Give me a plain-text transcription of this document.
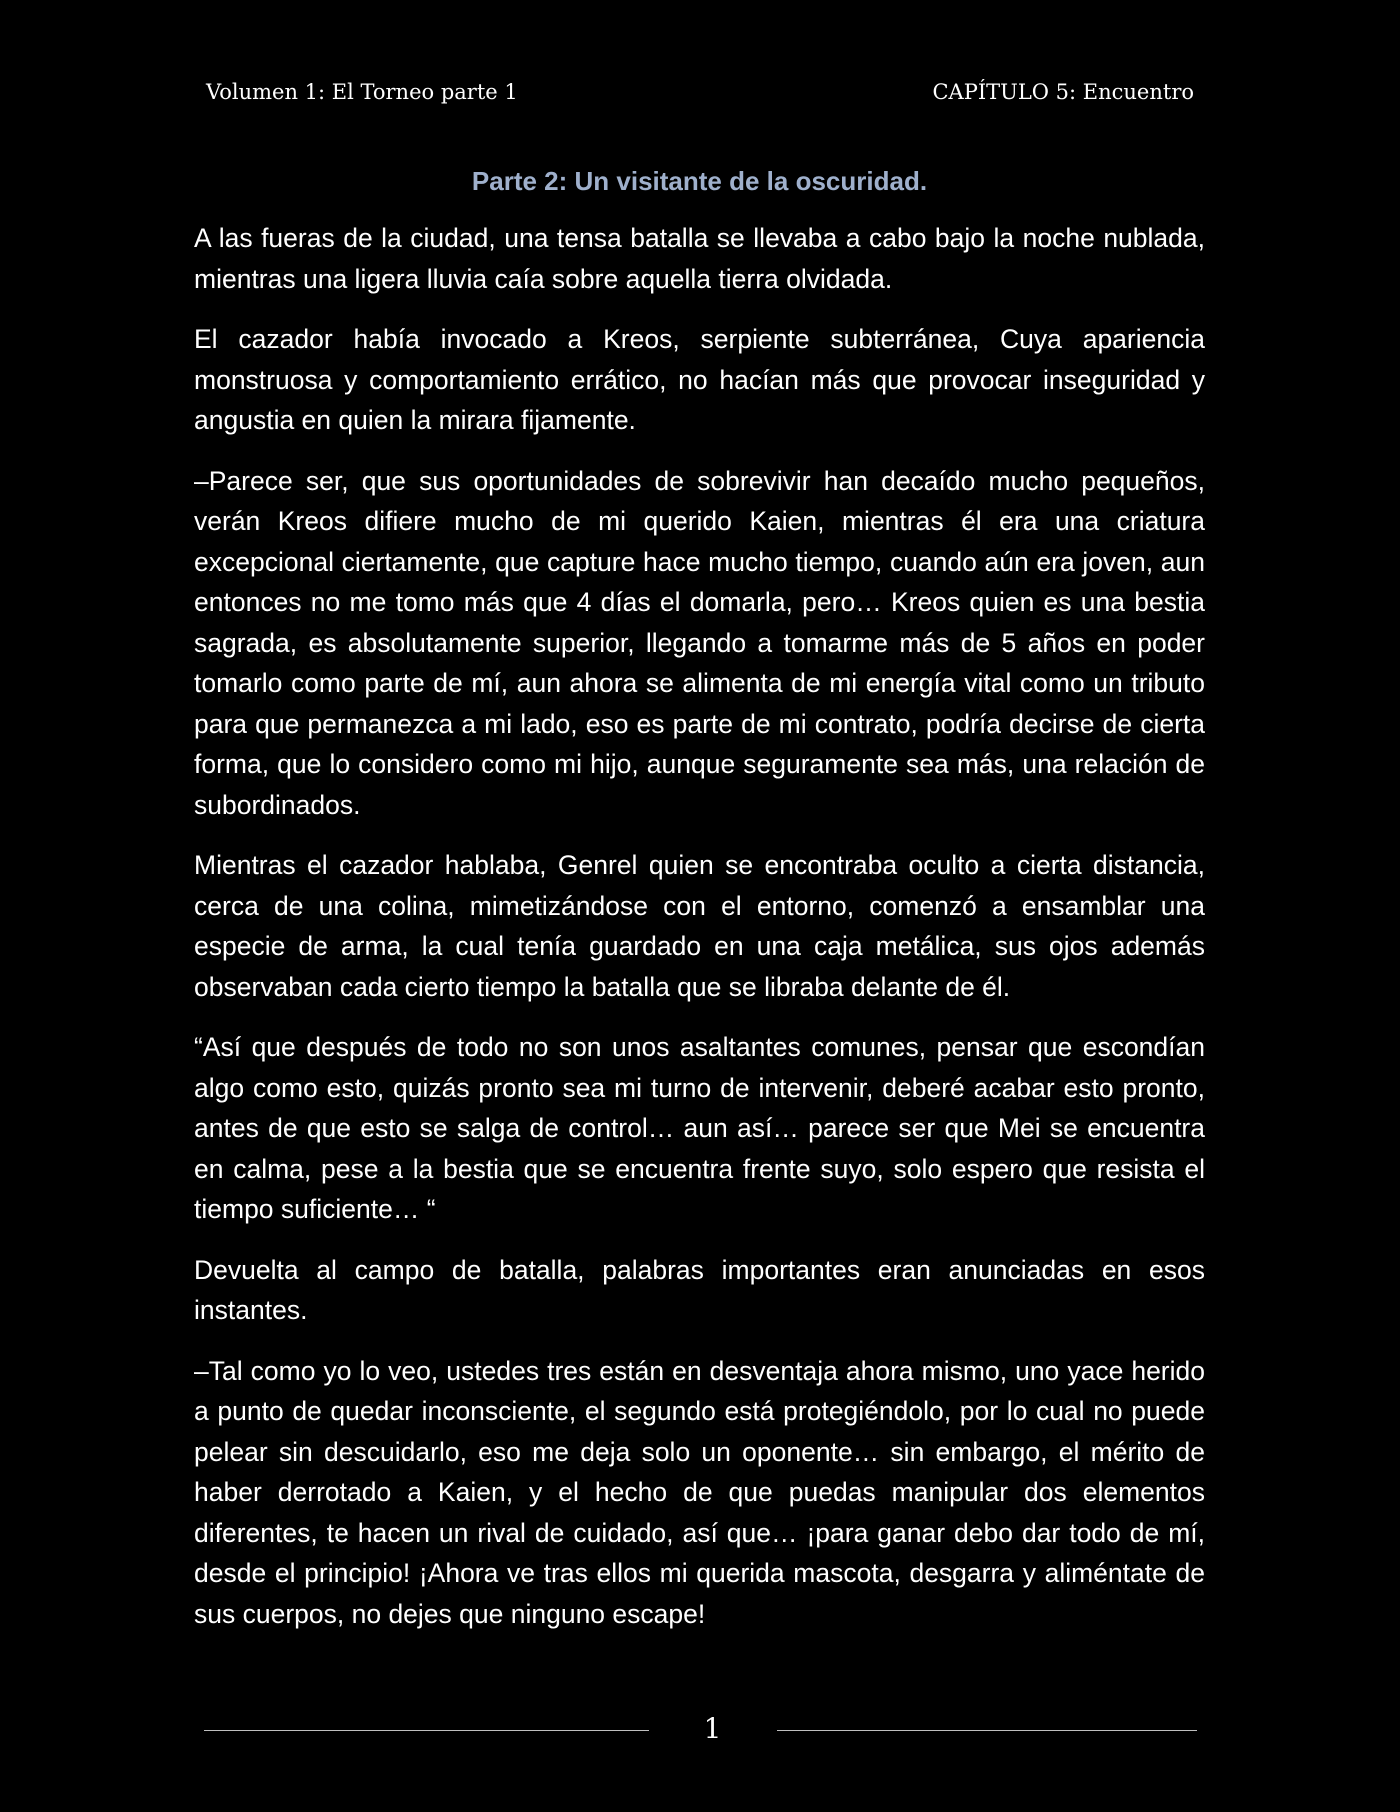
Volumen 1: El Torneo parte 1	CAPÍTULO 5: Encuentro
Parte 2: Un visitante de la oscuridad.

A las fueras de la ciudad, una tensa batalla se llevaba a cabo bajo la noche nublada, mientras una ligera lluvia caía sobre aquella tierra olvidada.

El cazador había invocado a Kreos, serpiente subterránea, Cuya apariencia monstruosa y comportamiento errático, no hacían más que provocar inseguridad y angustia en quien la mirara fijamente.

–Parece ser, que sus oportunidades de sobrevivir han decaído mucho pequeños, verán Kreos difiere mucho de mi querido Kaien, mientras él era una criatura excepcional ciertamente, que capture hace mucho tiempo, cuando aún era joven, aun entonces no me tomo más que 4 días el domarla, pero… Kreos quien es una bestia sagrada, es absolutamente superior, llegando a tomarme más de 5 años en poder tomarlo como parte de mí, aun ahora se alimenta de mi energía vital como un tributo para que permanezca a mi lado, eso es parte de mi contrato, podría decirse de cierta forma, que lo considero como mi hijo, aunque seguramente sea más, una relación de subordinados.

Mientras el cazador hablaba, Genrel quien se encontraba oculto a cierta distancia, cerca de una colina, mimetizándose con el entorno, comenzó a ensamblar una especie de arma, la cual tenía guardado en una caja metálica, sus ojos además observaban cada cierto tiempo la batalla que se libraba delante de él.

“Así que después de todo no son unos asaltantes comunes, pensar que escondían algo como esto, quizás pronto sea mi turno de intervenir, deberé acabar esto pronto, antes de que esto se salga de control… aun así… parece ser que Mei se encuentra en calma, pese a la bestia que se encuentra frente suyo, solo espero que resista el tiempo suficiente… “

Devuelta al campo de batalla, palabras importantes eran anunciadas en esos instantes.

–Tal como yo lo veo, ustedes tres están en desventaja ahora mismo, uno yace herido a punto de quedar inconsciente, el segundo está protegiéndolo, por lo cual no puede pelear sin descuidarlo, eso me deja solo un oponente… sin embargo, el mérito de haber derrotado a Kaien, y el hecho de que puedas manipular dos elementos diferentes, te hacen un rival de cuidado, así que… ¡para ganar debo dar todo de mí, desde el principio! ¡Ahora ve tras ellos mi querida mascota, desgarra y aliméntate de sus cuerpos, no dejes que ninguno escape!

1
